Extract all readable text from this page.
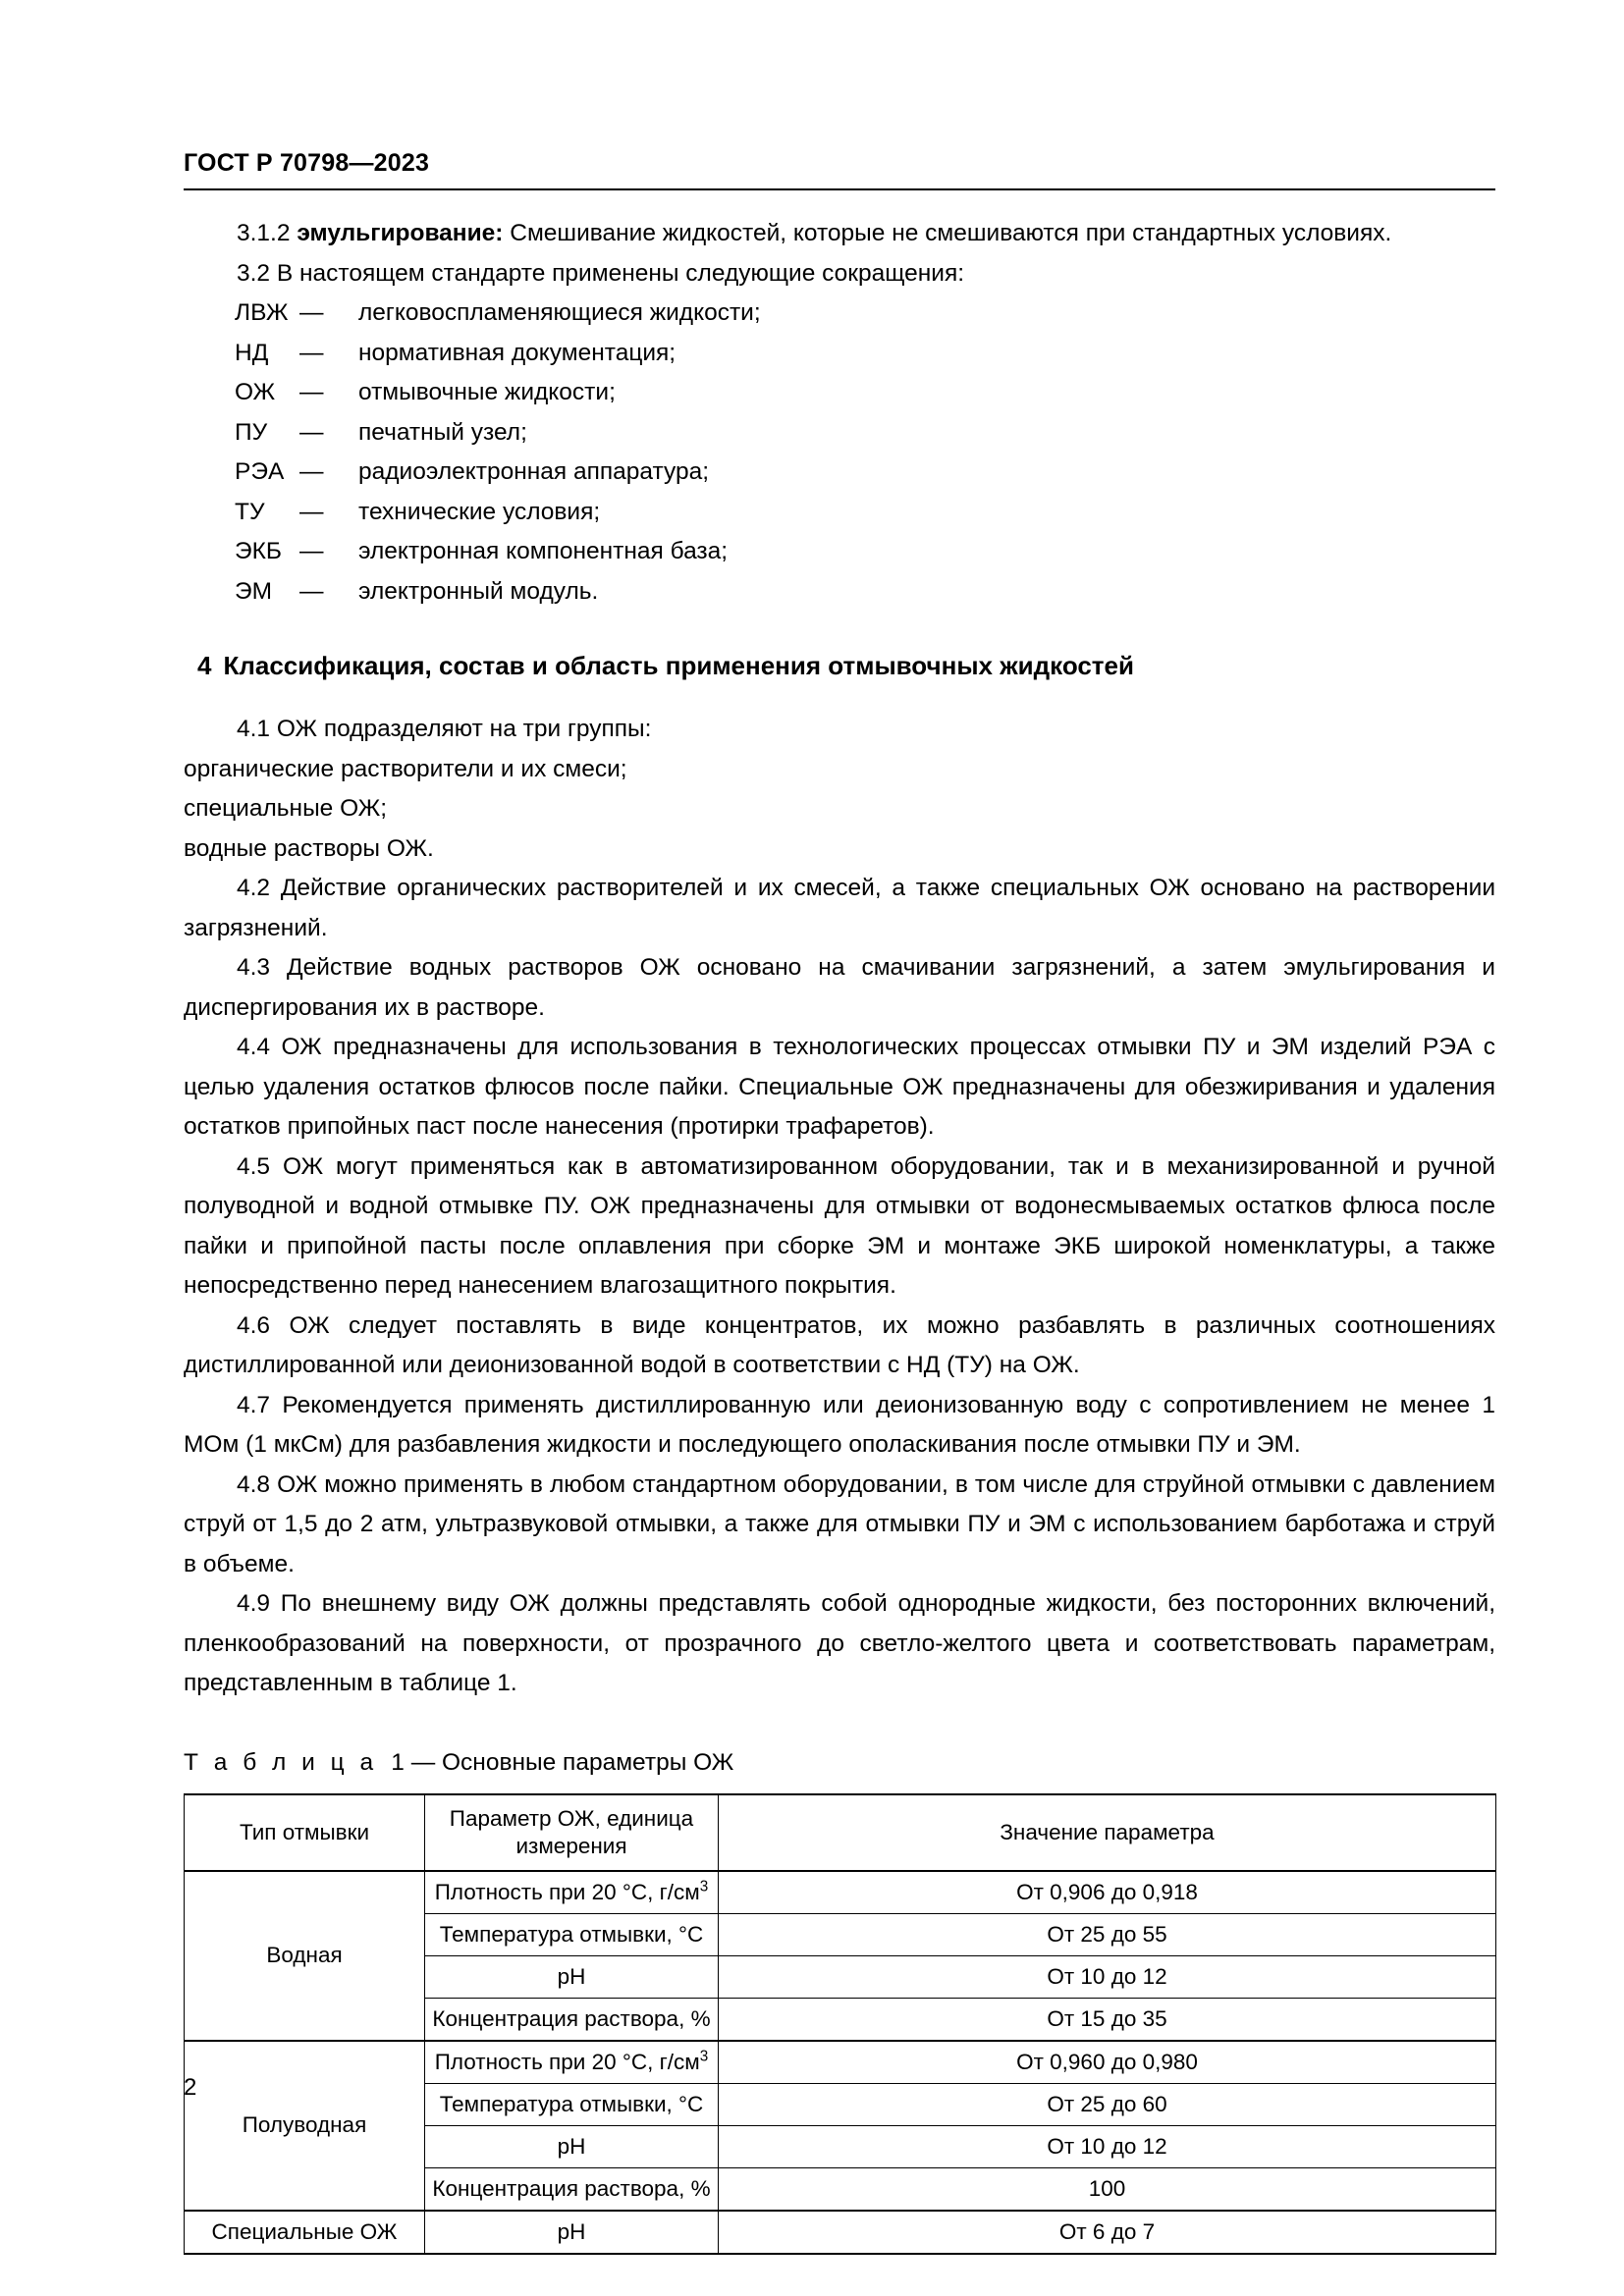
ГОСТ Р 70798—2023

3.1.2 эмульгирование: Смешивание жидкостей, которые не смешиваются при стандартных условиях.

3.2 В настоящем стандарте применены следующие сокращения:

ЛВЖ —	легковоспламеняющиеся жидкости;
НД	—	нормативная документация;
ОЖ	—	отмывочные жидкости;
ПУ	—	печатный узел;
РЭА —	радиоэлектронная аппаратура;
ТУ	—	технические условия;
ЭКБ —	электронная компонентная база;
ЭМ	—	электронный модуль.
4 Классификация, состав и область применения отмывочных жидкостей

4.1 ОЖ подразделяют на три группы:

органические растворители и их смеси;

специальные ОЖ;

водные растворы ОЖ.

4.2 Действие органических растворителей и их смесей, а также специальных ОЖ основано на растворении загрязнений.

4.3 Действие водных растворов ОЖ основано на смачивании загрязнений, а затем эмульгирования и диспергирования их в растворе.

4.4 ОЖ предназначены для использования в технологических процессах отмывки ПУ и ЭМ изделий РЭА с целью удаления остатков флюсов после пайки. Специальные ОЖ предназначены для обезжиривания и удаления остатков припойных паст после нанесения (протирки трафаретов).

4.5 ОЖ могут применяться как в автоматизированном оборудовании, так и в механизированной и ручной полуводной и водной отмывке ПУ. ОЖ предназначены для отмывки от водонесмываемых остатков флюса после пайки и припойной пасты после оплавления при сборке ЭМ и монтаже ЭКБ широкой номенклатуры, а также непосредственно перед нанесением влагозащитного покрытия.

4.6 ОЖ следует поставлять в виде концентратов, их можно разбавлять в различных соотношениях дистиллированной или деионизованной водой в соответствии с НД (ТУ) на ОЖ.

4.7 Рекомендуется применять дистиллированную или деионизованную воду с сопротивлением не менее 1 МОм (1 мкСм) для разбавления жидкости и последующего ополаскивания после отмывки ПУ и ЭМ.

4.8 ОЖ можно применять в любом стандартном оборудовании, в том числе для струйной отмывки с давлением струй от 1,5 до 2 атм, ультразвуковой отмывки, а также для отмывки ПУ и ЭМ с использованием барботажа и струй в объеме.

4.9 По внешнему виду ОЖ должны представлять собой однородные жидкости, без посторонних включений, пленкообразований на поверхности, от прозрачного до светло-желтого цвета и соответствовать параметрам, представленным в таблице 1.

Т а б л и ц а 1 — Основные параметры ОЖ
Тип отмывки	Параметр ОЖ, единица измерения	Значение параметра
Водная	Плотность при 20 °C, $г/см^3$	От 0,906 до 0,918
	Температура отмывки, °C	От 25 до 55
	pH	От 10 до 12
	Концентрация раствора, %	От 15 до 35
Полуводная	Плотность при 20 °C, $г/см^3$	От 0,960 до 0,980
	Температура отмывки, °C	От 25 до 60
	pH	От 10 до 12
	Концентрация раствора, %	100
Специальные ОЖ	pH	От 6 до 7
2
